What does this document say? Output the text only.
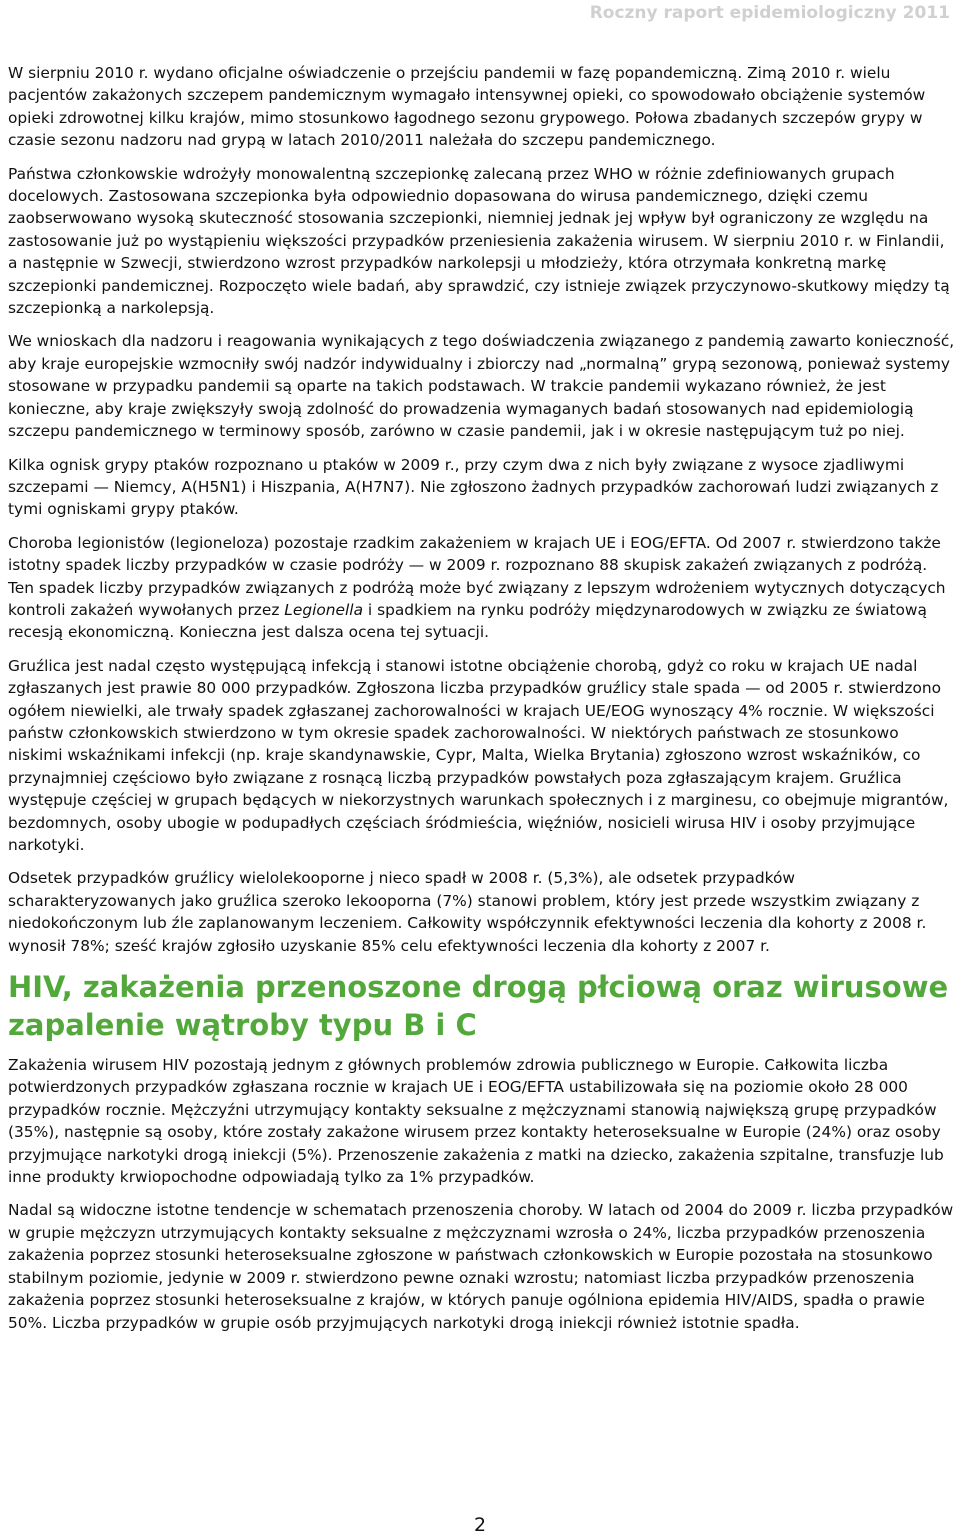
Roczny raport epidemiologiczny 2011

W sierpniu 2010 r. wydano oficjalne oświadczenie o przejściu pandemii w fazę popandemiczną. Zimą 2010 r. wielu pacjentów zakażonych szczepem pandemicznym wymagało intensywnej opieki, co spowodowało obciążenie systemów opieki zdrowotnej kilku krajów, mimo stosunkowo łagodnego sezonu grypowego. Połowa zbadanych szczepów grypy w czasie sezonu nadzoru nad grypą w latach 2010/2011 należała do szczepu pandemicznego.

Państwa członkowskie wdrożyły monowalentną szczepionkę zalecaną przez WHO w różnie zdefiniowanych grupach docelowych. Zastosowana szczepionka była odpowiednio dopasowana do wirusa pandemicznego, dzięki czemu zaobserwowano wysoką skuteczność stosowania szczepionki, niemniej jednak jej wpływ był ograniczony ze względu na zastosowanie już po wystąpieniu większości przypadków przeniesienia zakażenia wirusem. W sierpniu 2010 r. w Finlandii, a następnie w Szwecji, stwierdzono wzrost przypadków narkolepsji u młodzieży, która otrzymała konkretną markę szczepionki pandemicznej. Rozpoczęto wiele badań, aby sprawdzić, czy istnieje związek przyczynowo-skutkowy między tą szczepionką a narkolepsją.

We wnioskach dla nadzoru i reagowania wynikających z tego doświadczenia związanego z pandemią zawarto konieczność, aby kraje europejskie wzmocniły swój nadzór indywidualny i zbiorczy nad „normalną” grypą sezonową, ponieważ systemy stosowane w przypadku pandemii są oparte na takich podstawach. W trakcie pandemii wykazano również, że jest konieczne, aby kraje zwiększyły swoją zdolność do prowadzenia wymaganych badań stosowanych nad epidemiologią szczepu pandemicznego w terminowy sposób, zarówno w czasie pandemii, jak i w okresie następującym tuż po niej.

Kilka ognisk grypy ptaków rozpoznano u ptaków w 2009 r., przy czym dwa z nich były związane z wysoce zjadliwymi szczepami — Niemcy, A(H5N1) i Hiszpania, A(H7N7). Nie zgłoszono żadnych przypadków zachorowań ludzi związanych z tymi ogniskami grypy ptaków.

Choroba legionistów (legioneloza) pozostaje rzadkim zakażeniem w krajach UE i EOG/EFTA. Od 2007 r. stwierdzono także istotny spadek liczby przypadków w czasie podróży — w 2009 r. rozpoznano 88 skupisk zakażeń związanych z podróżą. Ten spadek liczby przypadków związanych z podróżą może być związany z lepszym wdrożeniem wytycznych dotyczących kontroli zakażeń wywołanych przez Legionella i spadkiem na rynku podróży międzynarodowych w związku ze światową recesją ekonomiczną. Konieczna jest dalsza ocena tej sytuacji.

Gruźlica jest nadal często występującą infekcją i stanowi istotne obciążenie chorobą, gdyż co roku w krajach UE nadal zgłaszanych jest prawie 80 000 przypadków. Zgłoszona liczba przypadków gruźlicy stale spada — od 2005 r. stwierdzono ogółem niewielki, ale trwały spadek zgłaszanej zachorowalności w krajach UE/EOG wynoszący 4% rocznie. W większości państw członkowskich stwierdzono w tym okresie spadek zachorowalności. W niektórych państwach ze stosunkowo niskimi wskaźnikami infekcji (np. kraje skandynawskie, Cypr, Malta, Wielka Brytania) zgłoszono wzrost wskaźników, co przynajmniej częściowo było związane z rosnącą liczbą przypadków powstałych poza zgłaszającym krajem. Gruźlica występuje częściej w grupach będących w niekorzystnych warunkach społecznych i z marginesu, co obejmuje migrantów, bezdomnych, osoby ubogie w podupadłych częściach śródmieścia, więźniów, nosicieli wirusa HIV i osoby przyjmujące narkotyki.

Odsetek przypadków gruźlicy wielolekooporne j nieco spadł w 2008 r. (5,3%), ale odsetek przypadków scharakteryzowanych jako gruźlica szeroko lekooporna (7%) stanowi problem, który jest przede wszystkim związany z niedokończonym lub źle zaplanowanym leczeniem. Całkowity współczynnik efektywności leczenia dla kohorty z 2008 r. wynosił 78%; sześć krajów zgłosiło uzyskanie 85% celu efektywności leczenia dla kohorty z 2007 r.

HIV, zakażenia przenoszone drogą płciową oraz wirusowe zapalenie wątroby typu B i C

Zakażenia wirusem HIV pozostają jednym z głównych problemów zdrowia publicznego w Europie. Całkowita liczba potwierdzonych przypadków zgłaszana rocznie w krajach UE i EOG/EFTA ustabilizowała się na poziomie około 28 000 przypadków rocznie. Mężczyźni utrzymujący kontakty seksualne z mężczyznami stanowią największą grupę przypadków (35%), następnie są osoby, które zostały zakażone wirusem przez kontakty heteroseksualne w Europie (24%) oraz osoby przyjmujące narkotyki drogą iniekcji (5%). Przenoszenie zakażenia z matki na dziecko, zakażenia szpitalne, transfuzje lub inne produkty krwiopochodne odpowiadają tylko za 1% przypadków.

Nadal są widoczne istotne tendencje w schematach przenoszenia choroby. W latach od 2004 do 2009 r. liczba przypadków w grupie mężczyzn utrzymujących kontakty seksualne z mężczyznami wzrosła o 24%, liczba przypadków przenoszenia zakażenia poprzez stosunki heteroseksualne zgłoszone w państwach członkowskich w Europie pozostała na stosunkowo stabilnym poziomie, jedynie w 2009 r. stwierdzono pewne oznaki wzrostu; natomiast liczba przypadków przenoszenia zakażenia poprzez stosunki heteroseksualne z krajów, w których panuje ogólniona epidemia HIV/AIDS, spadła o prawie 50%. Liczba przypadków w grupie osób przyjmujących narkotyki drogą iniekcji również istotnie spadła.

2
